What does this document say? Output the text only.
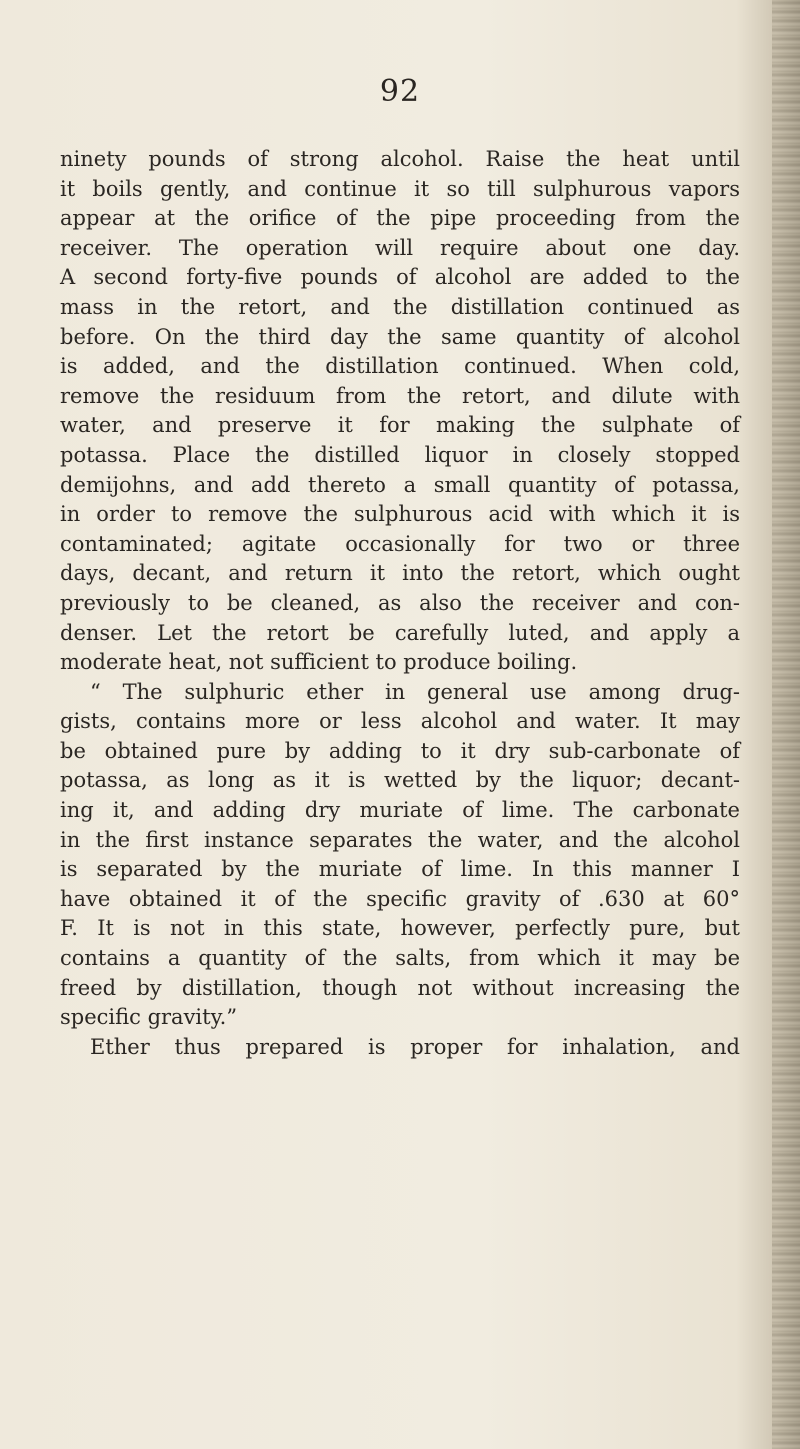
92
ninety pounds of strong alcohol. Raise the heat until
it boils gently, and continue it so till sulphurous vapors
appear at the orifice of the pipe proceeding from the
receiver. The operation will require about one day.
A second forty-five pounds of alcohol are added to the
mass in the retort, and the distillation continued as
before. On the third day the same quantity of alcohol
is added, and the distillation continued. When cold,
remove the residuum from the retort, and dilute with
water, and preserve it for making the sulphate of
potassa. Place the distilled liquor in closely stopped
demijohns, and add thereto a small quantity of potassa,
in order to remove the sulphurous acid with which it is
contaminated; agitate occasionally for two or three
days, decant, and return it into the retort, which ought
previously to be cleaned, as also the receiver and con-
denser. Let the retort be carefully luted, and apply a
moderate heat, not sufficient to produce boiling.
“ The sulphuric ether in general use among drug-
gists, contains more or less alcohol and water. It may
be obtained pure by adding to it dry sub-carbonate of
potassa, as long as it is wetted by the liquor; decant-
ing it, and adding dry muriate of lime. The carbonate
in the first instance separates the water, and the alcohol
is separated by the muriate of lime. In this manner I
have obtained it of the specific gravity of .630 at 60°
F. It is not in this state, however, perfectly pure, but
contains a quantity of the salts, from which it may be
freed by distillation, though not without increasing the
specific gravity.”
Ether thus prepared is proper for inhalation, and
